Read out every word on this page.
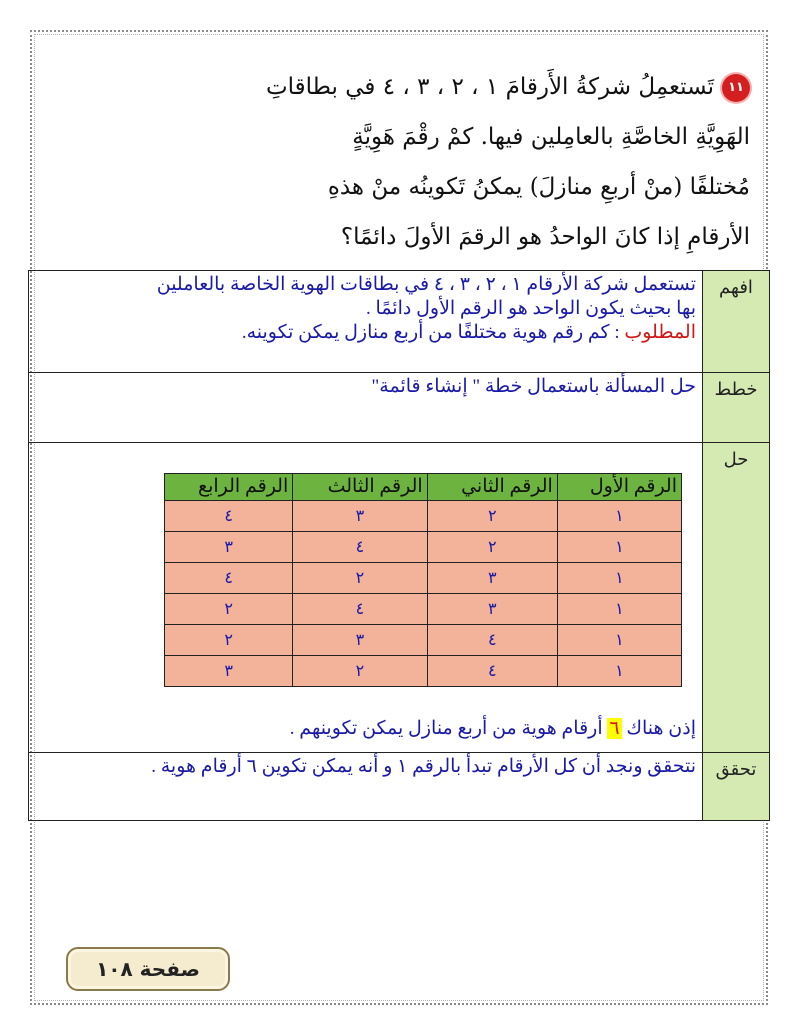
١١تَستعمِلُ شركةُ الأَرقامَ ١ ، ٢ ، ٣ ، ٤ في بطاقاتِ
الهَوِيَّةِ الخاصَّةِ بالعامِلين فيها. كمْ رقْمَ هَوِيَّةٍ
مُختلفًا (منْ أربعِ منازلَ) يمكنُ تَكوينُه منْ هذهِ
الأرقامِ إذا كانَ الواحدُ هو الرقمَ الأولَ دائمًا؟
افهم	
تستعمل شركة الأرقام ١ ، ٢ ، ٣ ، ٤ في بطاقات الهوية الخاصة بالعاملين
بها بحيث يكون الواحد هو الرقم الأول دائمًا .
المطلوب : كم رقم هوية مختلفًا من أربع منازل يمكن تكوينه.

خطط	
حل المسألة باستعمال خطة " إنشاء قائمة"

حل	
الرقم الأول	الرقم الثاني	الرقم الثالث	الرقم الرابع
١	٢	٣	٤
١	٢	٤	٣
١	٣	٢	٤
١	٣	٤	٢
١	٤	٣	٢
١	٤	٢	٣
إذن هناك ٦ أرقام هوية من أربع منازل يمكن تكوينهم .

تحقق	
نتحقق ونجد أن كل الأرقام تبدأ بالرقم ١ و أنه يمكن تكوين ٦ أرقام هوية .
صفحة ١٠٨
